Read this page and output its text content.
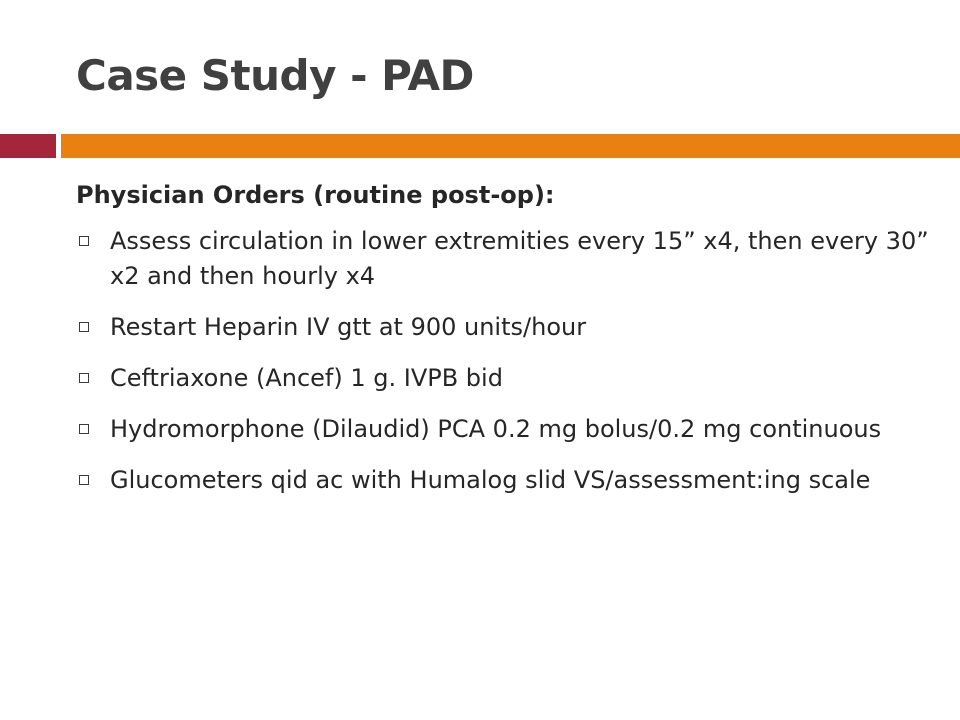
Case Study - PAD
Physician Orders (routine post-op):
Assess circulation in lower extremities every 15” x4, then every 30” x2 and then hourly x4
Restart Heparin IV gtt at 900 units/hour
Ceftriaxone (Ancef) 1 g. IVPB bid
Hydromorphone (Dilaudid) PCA 0.2 mg bolus/0.2 mg continuous
Glucometers qid ac with Humalog slid VS/assessment:ing scale
